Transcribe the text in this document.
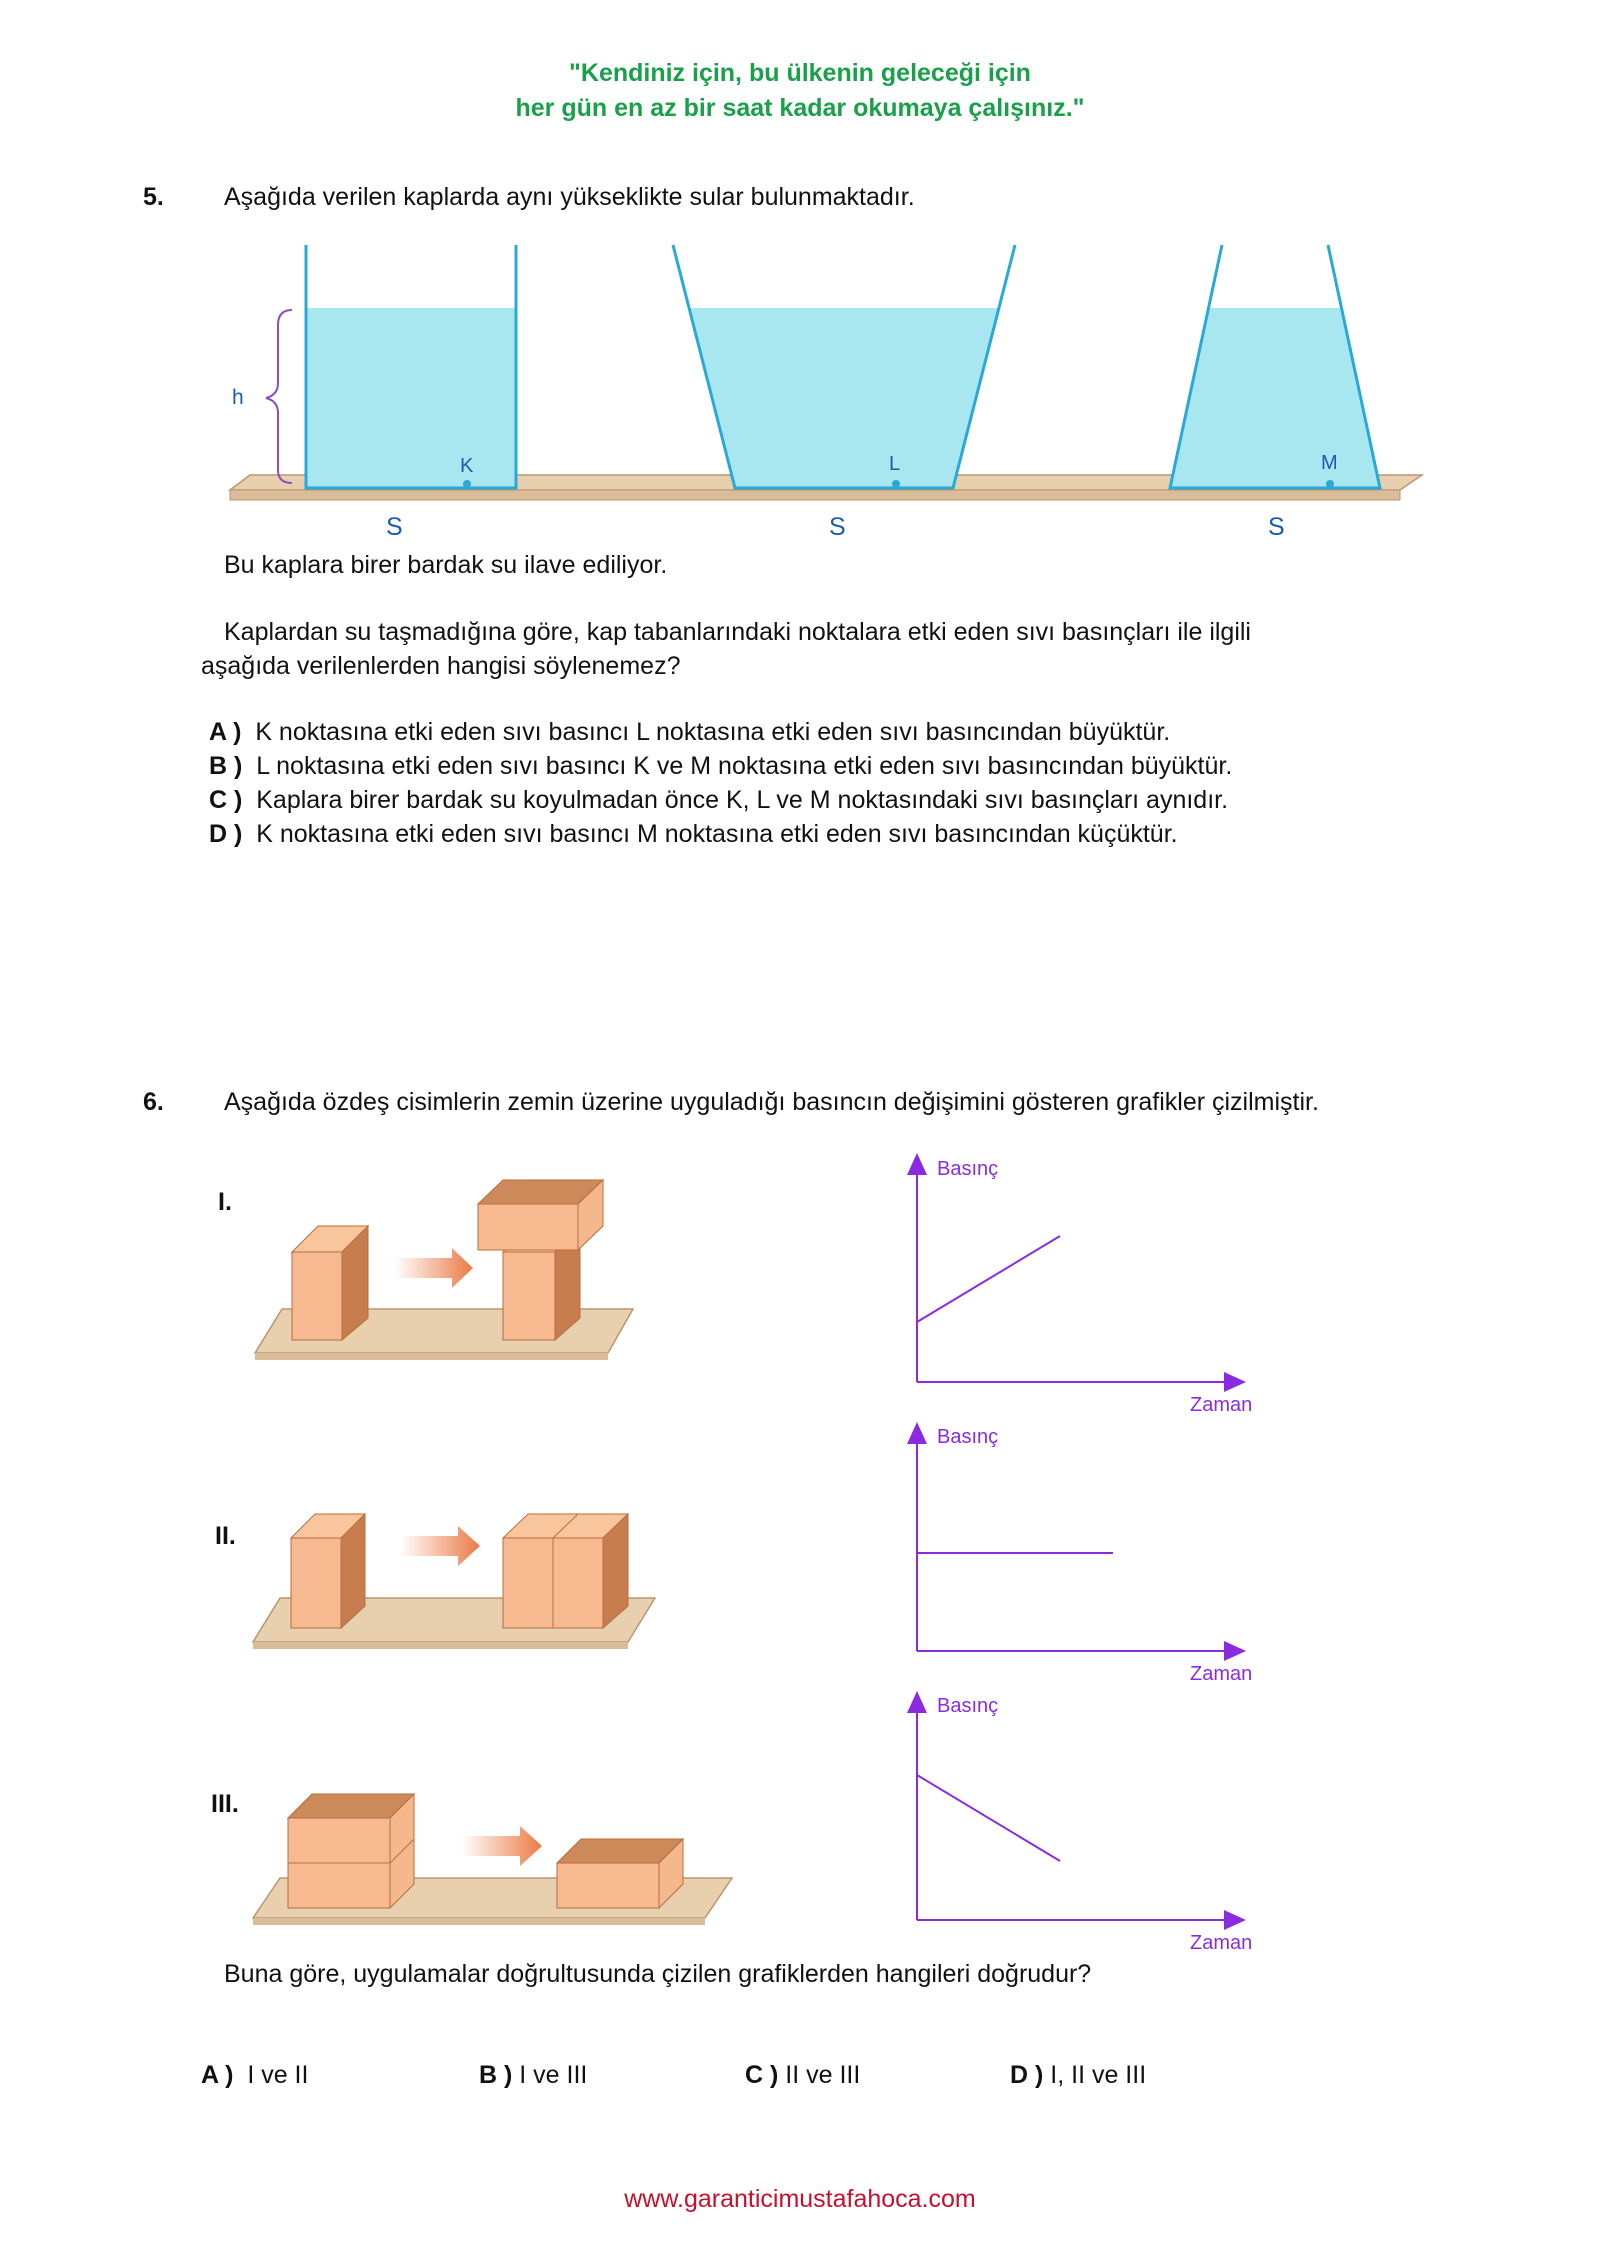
"Kendiniz için, bu ülkenin geleceği için
her gün en az bir saat kadar okumaya çalışınız."
5. Aşağıda verilen kaplarda aynı yükseklikte sular bulunmaktadır.
h
K	L	M
S	S	S
Bu kaplara birer bardak su ilave ediliyor.
Kaplardan su taşmadığına göre, kap tabanlarındaki noktalara etki eden sıvı basınçları ile ilgili
aşağıda verilenlerden hangisi söylenemez?
A ) K noktasına etki eden sıvı basıncı L noktasına etki eden sıvı basıncından büyüktür.
B ) L noktasına etki eden sıvı basıncı K ve M noktasına etki eden sıvı basıncından büyüktür.
C ) Kaplara birer bardak su koyulmadan önce K, L ve M noktasındaki sıvı basınçları aynıdır.
D ) K noktasına etki eden sıvı basıncı M noktasına etki eden sıvı basıncından küçüktür.
6. Aşağıda özdeş cisimlerin zemin üzerine uyguladığı basıncın değişimini gösteren grafikler çizilmiştir.
I.
II.
III.
Basınç
Zaman
Basınç
Zaman
Basınç
Zaman
Buna göre, uygulamalar doğrultusunda çizilen grafiklerden hangileri doğrudur?
A ) I ve II	B ) I ve III	C ) II ve III	D ) I, II ve III
www.garanticimustafahoca.com
